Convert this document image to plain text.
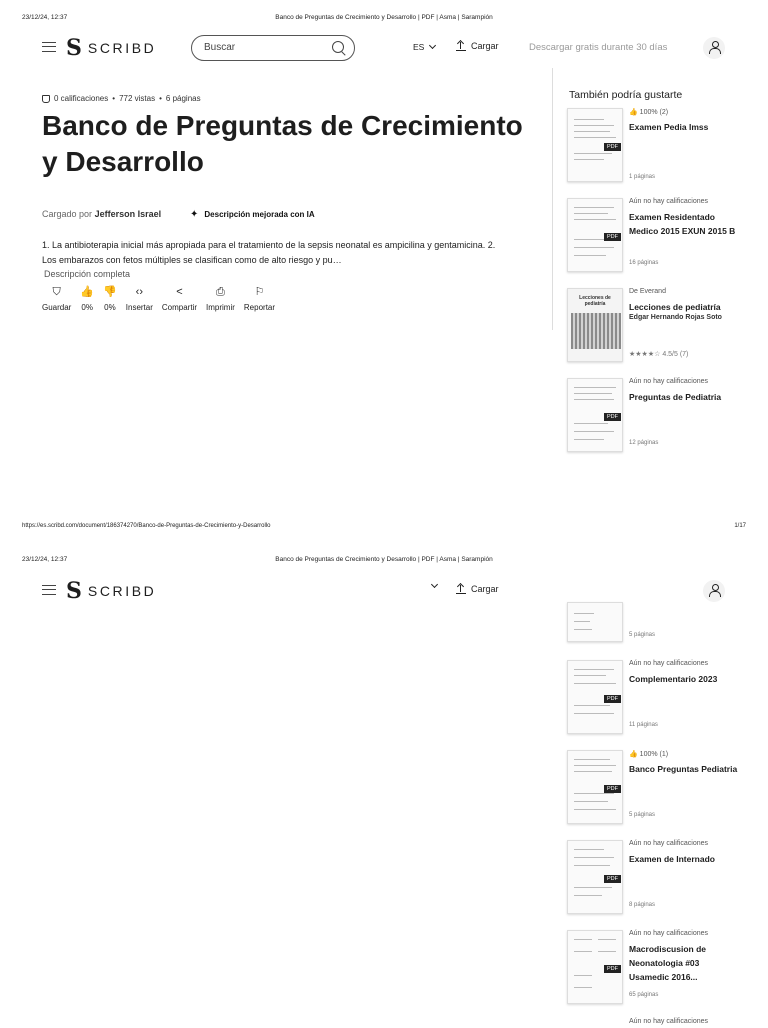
23/12/24, 12:37	Banco de Preguntas de Crecimiento y Desarrollo | PDF | Asma | Sarampión
S SCRIBD	Buscar	ES	Cargar	Descargar gratis durante 30 días
0 calificaciones • 772 vistas • 6 páginas
Banco de Preguntas de Crecimiento y Desarrollo
Cargado por Jefferson Israel	✦ Descripción mejorada con IA

1. La antibioterapia inicial más apropiada para el tratamiento de la sepsis neonatal es ampicilina y gentamicina. 2. Los embarazos con fetos múltiples se clasifican como de alto riesgo y pu…

Descripción completa
⛉
Guardar
👍
0%
👎
0%
‹›
Insertar
<
Compartir
⎙
Imprimir
⚐
Reportar
También podría gustarte
PDF
👍 100% (2)
Examen Pedia Imss
1 páginas
PDF
Aún no hay calificaciones
Examen Residentado Medico 2015 EXUN 2015 B
16 páginas
Lecciones de pediatría
De Everand
Lecciones de pediatría
Edgar Hernando Rojas Soto
★★★★☆ 4.5/5 (7)
PDF
Aún no hay calificaciones
Preguntas de Pediatria
12 páginas
https://es.scribd.com/document/186374270/Banco-de-Preguntas-de-Crecimiento-y-Desarrollo	1/17
23/12/24, 12:37	Banco de Preguntas de Crecimiento y Desarrollo | PDF | Asma | Sarampión
S SCRIBD	Cargar
5 páginas
PDF
Aún no hay calificaciones
Complementario 2023
11 páginas
PDF
👍 100% (1)
Banco Preguntas Pediatria
5 páginas
PDF
Aún no hay calificaciones
Examen de Internado
8 páginas
PDF
Aún no hay calificaciones
Macrodiscusion de Neonatologia #03 Usamedic 2016...
65 páginas
Aún no hay calificaciones
